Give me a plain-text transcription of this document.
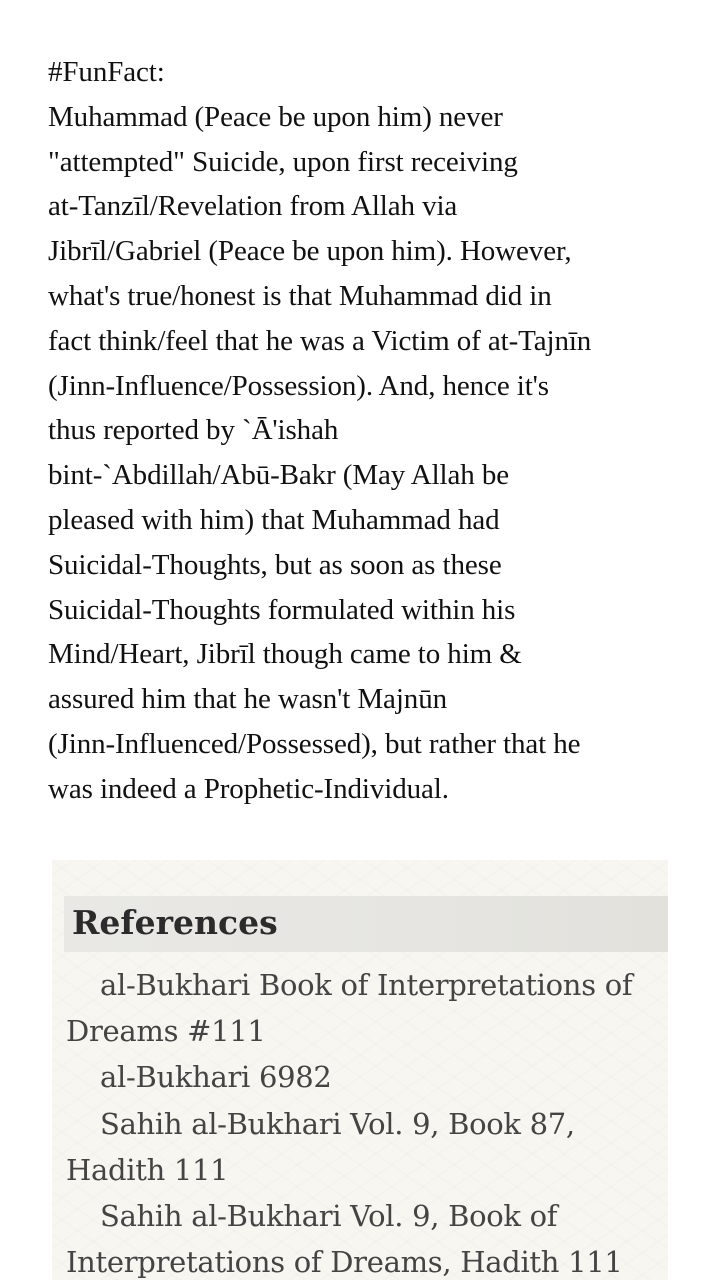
#FunFact:
Muhammad (Peace be upon him) never
"attempted" Suicide, upon first receiving
at-Tanzīl/Revelation from Allah via
Jibrīl/Gabriel (Peace be upon him). However,
what's true/honest is that Muhammad did in
fact think/feel that he was a Victim of at-Tajnīn
(Jinn-Influence/Possession). And, hence it's
thus reported by `Ā'ishah
bint-`Abdillah/Abū-Bakr (May Allah be
pleased with him) that Muhammad had
Suicidal-Thoughts, but as soon as these
Suicidal-Thoughts formulated within his
Mind/Heart, Jibrīl though came to him &
assured him that he wasn't Majnūn
(Jinn-Influenced/Possessed), but rather that he
was indeed a Prophetic-Individual.
References
al-Bukhari Book of Interpretations of
Dreams #111
al-Bukhari 6982
Sahih al-Bukhari Vol. 9, Book 87,
Hadith 111
Sahih al-Bukhari Vol. 9, Book of
Interpretations of Dreams, Hadith 111
